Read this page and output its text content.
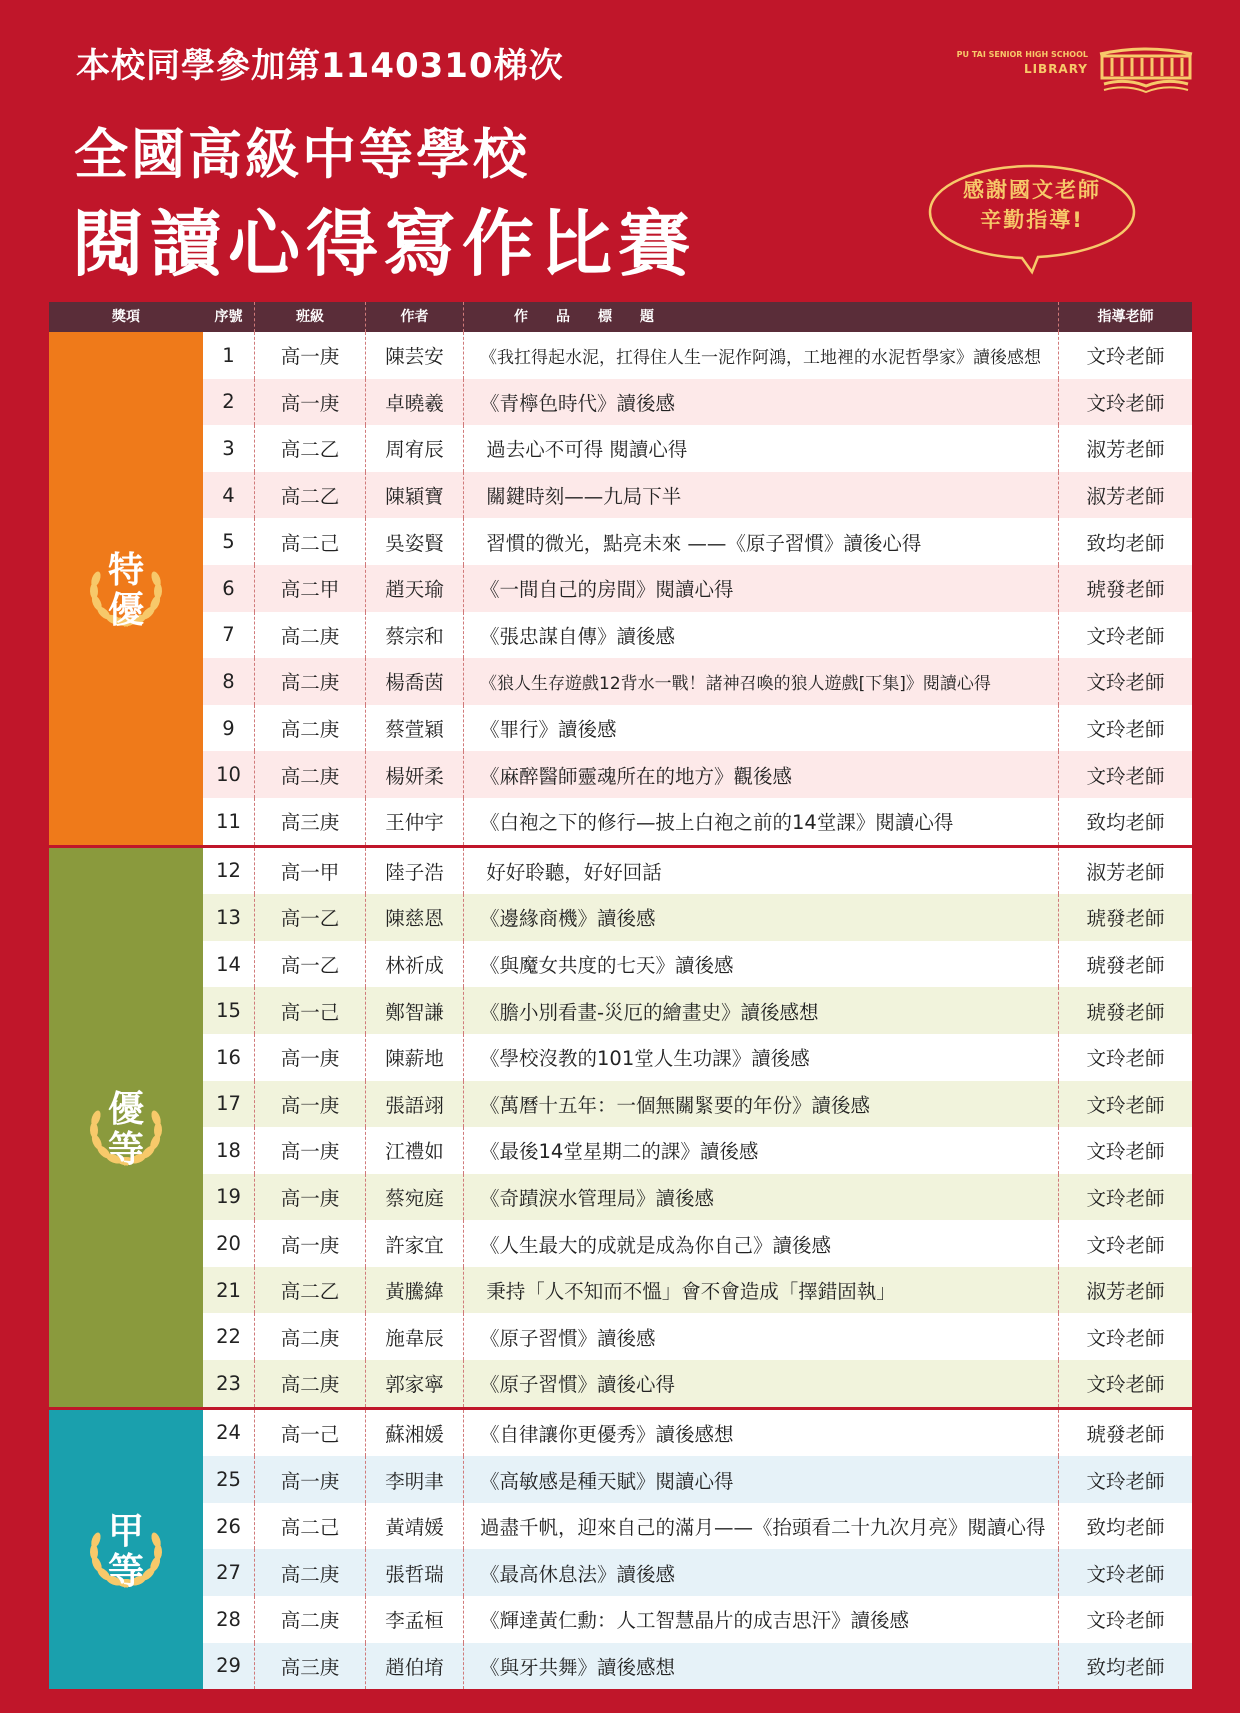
本校同學參加第1140310梯次
全國高級中等學校
閱讀心得寫作比賽
PU TAI SENIOR HIGH SCHOOL
LIBRARY
感謝國文老師
辛勤指導!
獎項	序號	班級	作者	作　　品　　標　　題	指導老師
特
優
1	高一庚	陳芸安	《我扛得起水泥，扛得住人生一泥作阿鴻，工地裡的水泥哲學家》讀後感想	文玲老師
2	高一庚	卓曉羲	《青檸色時代》讀後感	文玲老師
3	高二乙	周宥辰	過去心不可得 閱讀心得	淑芳老師
4	高二乙	陳穎寶	關鍵時刻——九局下半	淑芳老師
5	高二己	吳姿賢	習慣的微光，點亮未來 ——《原子習慣》讀後心得	致均老師
6	高二甲	趙天瑜	《一間自己的房間》閱讀心得	琥發老師
7	高二庚	蔡宗和	《張忠謀自傳》讀後感	文玲老師
8	高二庚	楊喬茵	《狼人生存遊戲12背水一戰！諸神召喚的狼人遊戲[下集]》閱讀心得	文玲老師
9	高二庚	蔡萱穎	《罪行》讀後感	文玲老師
10	高二庚	楊妍柔	《麻醉醫師靈魂所在的地方》觀後感	文玲老師
11	高三庚	王仲宇	《白袍之下的修行—披上白袍之前的14堂課》閱讀心得	致均老師
優
等
12	高一甲	陸子浩	好好聆聽，好好回話	淑芳老師
13	高一乙	陳慈恩	《邊緣商機》讀後感	琥發老師
14	高一乙	林祈成	《與魔女共度的七天》讀後感	琥發老師
15	高一己	鄭智謙	《膽小別看畫-災厄的繪畫史》讀後感想	琥發老師
16	高一庚	陳薪地	《學校沒教的101堂人生功課》讀後感	文玲老師
17	高一庚	張語翊	《萬曆十五年：一個無關緊要的年份》讀後感	文玲老師
18	高一庚	江禮如	《最後14堂星期二的課》讀後感	文玲老師
19	高一庚	蔡宛庭	《奇蹟淚水管理局》讀後感	文玲老師
20	高一庚	許家宜	《人生最大的成就是成為你自己》讀後感	文玲老師
21	高二乙	黃騰緯	秉持「人不知而不慍」會不會造成「擇錯固執」	淑芳老師
22	高二庚	施韋辰	《原子習慣》讀後感	文玲老師
23	高二庚	郭家寧	《原子習慣》讀後心得	文玲老師
甲
等
24	高一己	蘇湘媛	《自律讓你更優秀》讀後感想	琥發老師
25	高一庚	李明聿	《高敏感是種天賦》閱讀心得	文玲老師
26	高二己	黃靖媛	過盡千帆，迎來自己的滿月——《抬頭看二十九次月亮》閱讀心得	致均老師
27	高二庚	張哲瑞	《最高休息法》讀後感	文玲老師
28	高二庚	李孟桓	《輝達黃仁勳：人工智慧晶片的成吉思汗》讀後感	文玲老師
29	高三庚	趙伯堉	《與牙共舞》讀後感想	致均老師
